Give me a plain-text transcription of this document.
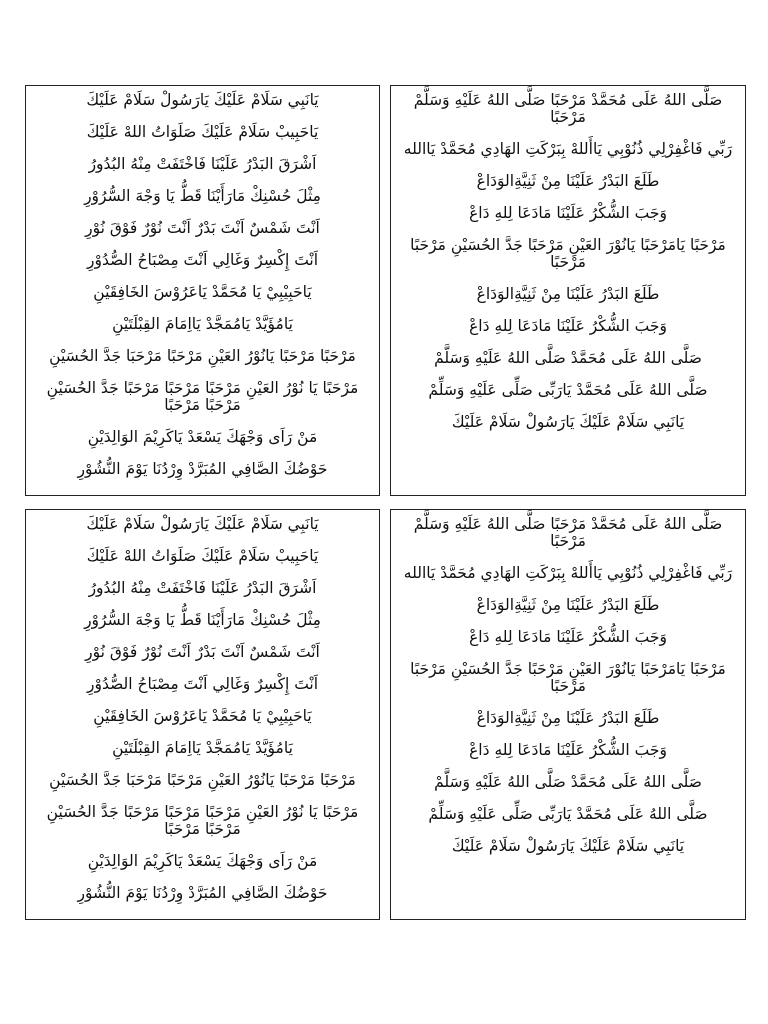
يَانَبِي سَلَامْ عَلَيْكَ يَارَسُولْ سَلَامْ عَلَيْكَ
يَاحَبِيبْ سَلَامْ عَلَيْكَ صَلَوَاتُ اللهْ عَلَيْكَ
اَشْرَقَ البَدْرُ عَلَيْنَا فَاخْتَفَتْ مِنْهُ البُدُورُ
مِثْلَ حُسْنِكْ مَارَأَيْنَا قَطُّ يَا وَجْهَ السُّرُوْرِ
اَنْتَ شَمْسٌ اَنْتَ بَدْرٌ اَنْتَ نُوْرٌ فَوْقَ نُوْرِ
اَنْتَ إِكْسِرٌ وَغَالِي اَنْتَ مِصْبَاحُ الصُّدُوْرِ
يَاحَبِيْبِيْ يَا مُحَمَّدْ يَاعَرُوْسَ الخَافِقَيْنِ
يَامُؤَيَّدْ يَامُمَجَّدْ يَااِمَامَ القِبْلَتَيْنِ
مَرْحَبًا مَرْحَبًا يَانُوْرُ العَيْنِ مَرْحَبًا مَرْحَبَا جَدَّ الحُسَيْنِ
مَرْحَبًا يَا نُوْرُ العَيْنِ مَرْحَبًا مَرْحَبًا مَرْحَبًا جَدَّ الحُسَيْنِ مَرْحَبًا مَرْحَبًا
مَنْ رَاَى وَجْهَكَ يَسْعَدْ يَاكَرِيْمَ الوَالِدَيْنِ
حَوْضُكَ الصَّافِي المُبَرَّدْ وِرْدُنَا يَوْمَ النُّشُوْرِ
صَلَّى اللهُ عَلَى مُحَمَّدْ مَرْحَبًا صَلَّى اللهُ عَلَيْهِ وَسَلَّمْ مَرْحَبًا
رَبِّي فَاغْفِرْلِي ذُنُوْبِي يَاأَللهْ بِبَرْكَتِ الهَادِي مُحَمَّدْ يَاالله
طَلَعَ البَدْرُ عَلَيْنَا مِنْ ثَنِيَّةِالوَدَاعْ
وَجَبَ الشُّكْرُ عَلَيْنَا مَادَعَا لِلهِ دَاعْ
مَرْحَبًا يَامَرْحَبًا يَانُوْرَ العَيْنِ مَرْحَبًا جَدَّ الحُسَيْنِ مَرْحَبًا مَرْحَبًا
طَلَعَ البَدْرُ عَلَيْنَا مِنْ ثَنِيَّةِالوَدَاعْ
وَجَبَ الشُّكْرُ عَلَيْنَا مَادَعَا لِلهِ دَاعْ
صَلَّى اللهُ عَلَى مُحَمَّدْ صَلَّى اللهُ عَلَيْهِ وَسَلَّمْ
صَلَّى اللهُ عَلَى مُحَمَّدْ يَارَبِّى صَلِّى عَلَيْهِ وَسَلِّمْ
يَانَبِي سَلَامْ عَلَيْكَ يَارَسُولْ سَلَامْ عَلَيْكَ
يَانَبِي سَلَامْ عَلَيْكَ يَارَسُولْ سَلَامْ عَلَيْكَ
يَاحَبِيبْ سَلَامْ عَلَيْكَ صَلَوَاتُ اللهْ عَلَيْكَ
اَشْرَقَ البَدْرُ عَلَيْنَا فَاخْتَفَتْ مِنْهُ البُدُورُ
مِثْلَ حُسْنِكْ مَارَأَيْنَا قَطُّ يَا وَجْهَ السُّرُوْرِ
اَنْتَ شَمْسٌ اَنْتَ بَدْرٌ اَنْتَ نُوْرٌ فَوْقَ نُوْرِ
اَنْتَ إِكْسِرٌ وَغَالِي اَنْتَ مِصْبَاحُ الصُّدُوْرِ
يَاحَبِيْبِيْ يَا مُحَمَّدْ يَاعَرُوْسَ الخَافِقَيْنِ
يَامُؤَيَّدْ يَامُمَجَّدْ يَااِمَامَ القِبْلَتَيْنِ
مَرْحَبًا مَرْحَبًا يَانُوْرُ العَيْنِ مَرْحَبًا مَرْحَبَا جَدَّ الحُسَيْنِ
مَرْحَبًا يَا نُوْرُ العَيْنِ مَرْحَبًا مَرْحَبًا مَرْحَبًا جَدَّ الحُسَيْنِ مَرْحَبًا مَرْحَبًا
مَنْ رَاَى وَجْهَكَ يَسْعَدْ يَاكَرِيْمَ الوَالِدَيْنِ
حَوْضُكَ الصَّافِي المُبَرَّدْ وِرْدُنَا يَوْمَ النُّشُوْرِ
صَلَّى اللهُ عَلَى مُحَمَّدْ مَرْحَبًا صَلَّى اللهُ عَلَيْهِ وَسَلَّمْ مَرْحَبًا
رَبِّي فَاغْفِرْلِي ذُنُوْبِي يَاأَللهْ بِبَرْكَتِ الهَادِي مُحَمَّدْ يَاالله
طَلَعَ البَدْرُ عَلَيْنَا مِنْ ثَنِيَّةِالوَدَاعْ
وَجَبَ الشُّكْرُ عَلَيْنَا مَادَعَا لِلهِ دَاعْ
مَرْحَبًا يَامَرْحَبًا يَانُوْرَ العَيْنِ مَرْحَبًا جَدَّ الحُسَيْنِ مَرْحَبًا مَرْحَبًا
طَلَعَ البَدْرُ عَلَيْنَا مِنْ ثَنِيَّةِالوَدَاعْ
وَجَبَ الشُّكْرُ عَلَيْنَا مَادَعَا لِلهِ دَاعْ
صَلَّى اللهُ عَلَى مُحَمَّدْ صَلَّى اللهُ عَلَيْهِ وَسَلَّمْ
صَلَّى اللهُ عَلَى مُحَمَّدْ يَارَبِّى صَلِّى عَلَيْهِ وَسَلِّمْ
يَانَبِي سَلَامْ عَلَيْكَ يَارَسُولْ سَلَامْ عَلَيْكَ
